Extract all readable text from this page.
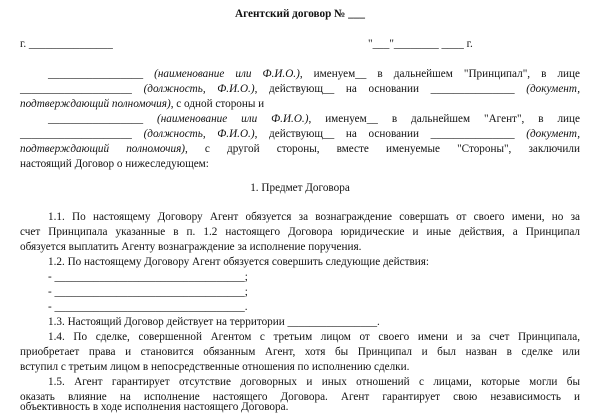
Агентский договор № ___
г. _______________	"___"________ ____ г.
_________________ (наименование или Ф.И.О.), именуем__ в дальнейшем "Принципал", в лице
____________________ (должность, Ф.И.О.), действующ__ на основании _______________ (документ,
подтверждающий полномочия), с одной стороны и
_________________ (наименование или Ф.И.О.), именуем__ в дальнейшем "Агент", в лице
____________________ (должность, Ф.И.О.), действующ__ на основании _______________ (документ,
подтверждающий полномочия), с другой стороны, вместе именуемые "Стороны", заключили
настоящий Договор о нижеследующем:
1. Предмет Договора
1.1. По настоящему Договору Агент обязуется за вознаграждение совершать от своего имени, но за
счет Принципала указанные в п. 1.2 настоящего Договора юридические и иные действия, а Принципал
обязуется выплатить Агенту вознаграждение за исполнение поручения.
1.2. По настоящему Договору Агент обязуется совершить следующие действия:
- __________________________________;
- __________________________________;
- __________________________________.
1.3. Настоящий Договор действует на территории ________________.
1.4. По сделке, совершенной Агентом с третьим лицом от своего имени и за счет Принципала,
приобретает права и становится обязанным Агент, хотя бы Принципал и был назван в сделке или
вступил с третьим лицом в непосредственные отношения по исполнению сделки.
1.5. Агент гарантирует отсутствие договорных и иных отношений с лицами, которые могли бы
оказать влияние на исполнение настоящего Договора. Агент гарантирует свою независимость и
объективность в ходе исполнения настоящего Договора.
